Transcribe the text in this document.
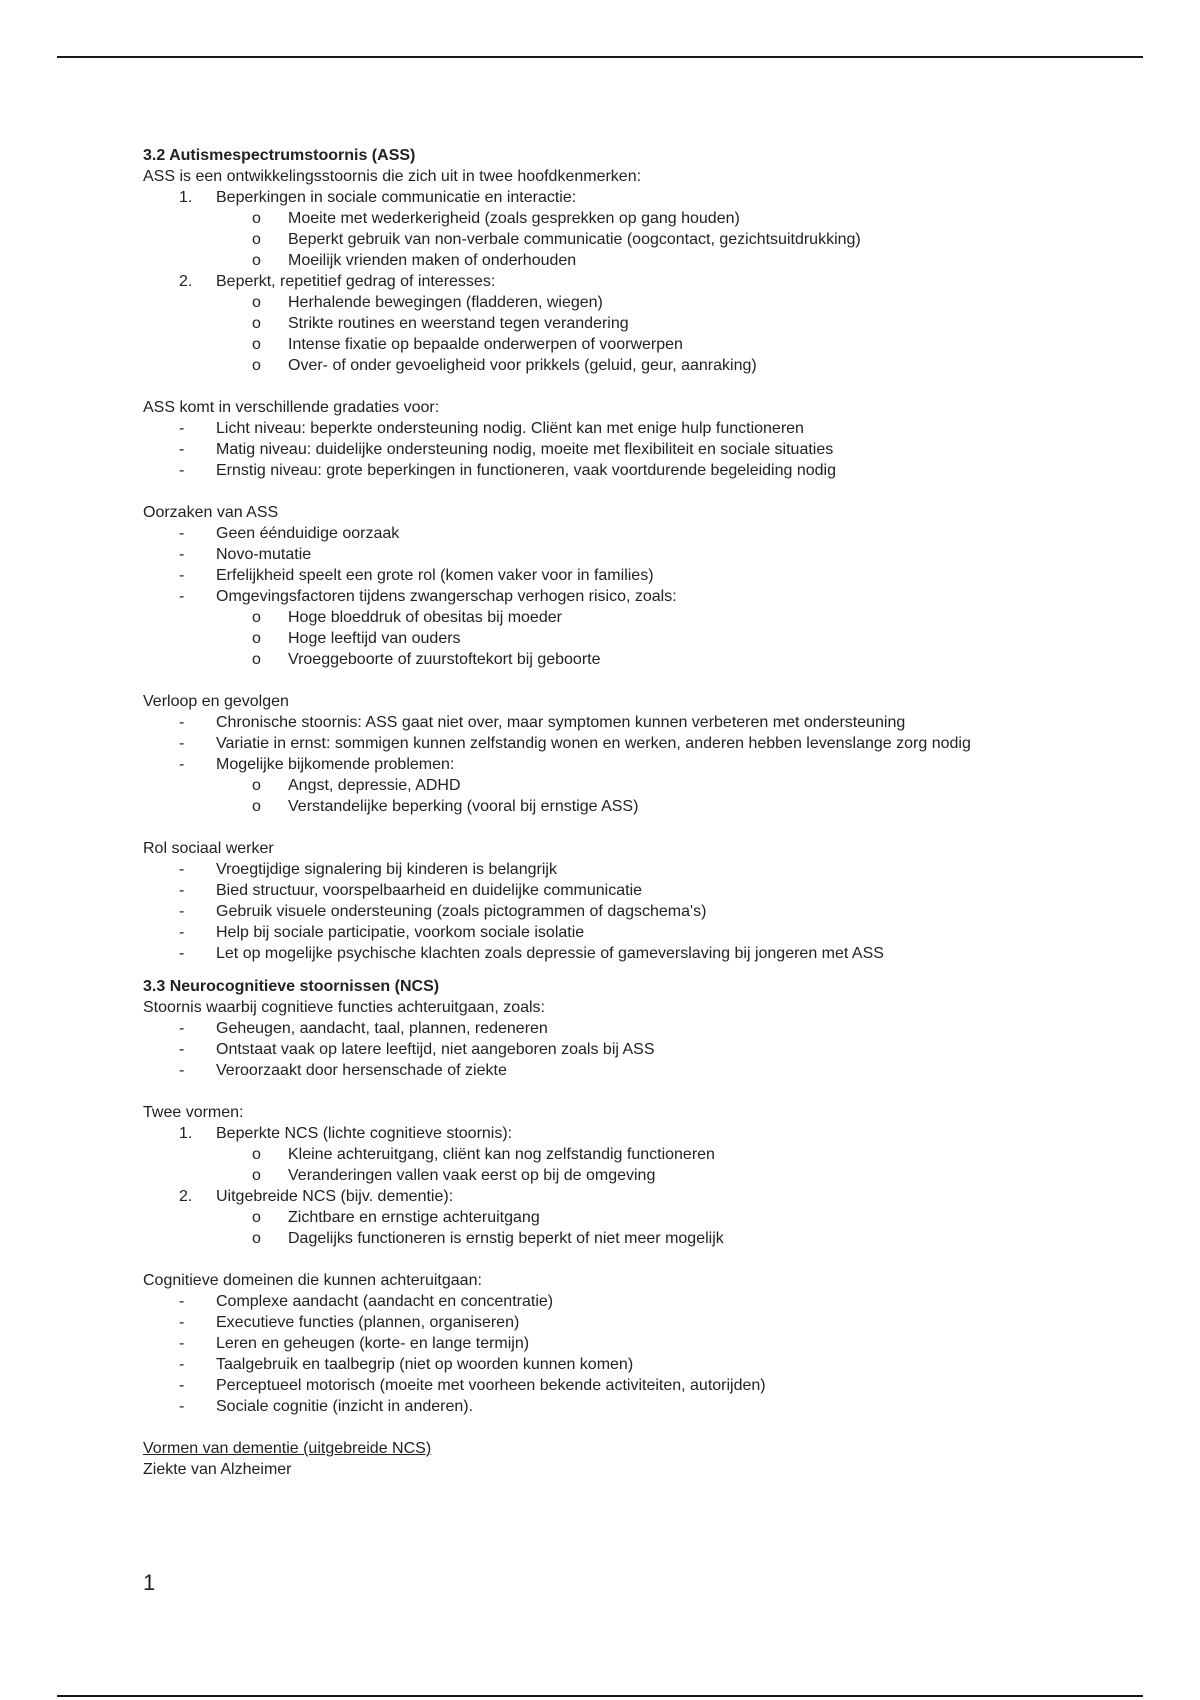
3.2 Autismespectrumstoornis (ASS)

ASS is een ontwikkelingsstoornis die zich uit in twee hoofdkenmerken:

1. Beperkingen in sociale communicatie en interactie:
o Moeite met wederkerigheid (zoals gesprekken op gang houden)
o Beperkt gebruik van non-verbale communicatie (oogcontact, gezichtsuitdrukking)
o Moeilijk vrienden maken of onderhouden
2. Beperkt, repetitief gedrag of interesses:
o Herhalende bewegingen (fladderen, wiegen)
o Strikte routines en weerstand tegen verandering
o Intense fixatie op bepaalde onderwerpen of voorwerpen
o Over- of onder gevoeligheid voor prikkels (geluid, geur, aanraking)

ASS komt in verschillende gradaties voor:

- Licht niveau: beperkte ondersteuning nodig. Cliënt kan met enige hulp functioneren
- Matig niveau: duidelijke ondersteuning nodig, moeite met flexibiliteit en sociale situaties
- Ernstig niveau: grote beperkingen in functioneren, vaak voortdurende begeleiding nodig

Oorzaken van ASS

- Geen éénduidige oorzaak
- Novo-mutatie
- Erfelijkheid speelt een grote rol (komen vaker voor in families)
- Omgevingsfactoren tijdens zwangerschap verhogen risico, zoals:
o Hoge bloeddruk of obesitas bij moeder
o Hoge leeftijd van ouders
o Vroeggeboorte of zuurstoftekort bij geboorte

Verloop en gevolgen

- Chronische stoornis: ASS gaat niet over, maar symptomen kunnen verbeteren met ondersteuning
- Variatie in ernst: sommigen kunnen zelfstandig wonen en werken, anderen hebben levenslange zorg nodig
- Mogelijke bijkomende problemen:
o Angst, depressie, ADHD
o Verstandelijke beperking (vooral bij ernstige ASS)

Rol sociaal werker

- Vroegtijdige signalering bij kinderen is belangrijk
- Bied structuur, voorspelbaarheid en duidelijke communicatie
- Gebruik visuele ondersteuning (zoals pictogrammen of dagschema's)
- Help bij sociale participatie, voorkom sociale isolatie
- Let op mogelijke psychische klachten zoals depressie of gameverslaving bij jongeren met ASS

3.3 Neurocognitieve stoornissen (NCS)

Stoornis waarbij cognitieve functies achteruitgaan, zoals:

- Geheugen, aandacht, taal, plannen, redeneren
- Ontstaat vaak op latere leeftijd, niet aangeboren zoals bij ASS
- Veroorzaakt door hersenschade of ziekte

Twee vormen:

1. Beperkte NCS (lichte cognitieve stoornis):
o Kleine achteruitgang, cliënt kan nog zelfstandig functioneren
o Veranderingen vallen vaak eerst op bij de omgeving
2. Uitgebreide NCS (bijv. dementie):
o Zichtbare en ernstige achteruitgang
o Dagelijks functioneren is ernstig beperkt of niet meer mogelijk

Cognitieve domeinen die kunnen achteruitgaan:

- Complexe aandacht (aandacht en concentratie)
- Executieve functies (plannen, organiseren)
- Leren en geheugen (korte- en lange termijn)
- Taalgebruik en taalbegrip (niet op woorden kunnen komen)
- Perceptueel motorisch (moeite met voorheen bekende activiteiten, autorijden)
- Sociale cognitie (inzicht in anderen).

Vormen van dementie (uitgebreide NCS)

Ziekte van Alzheimer

1
